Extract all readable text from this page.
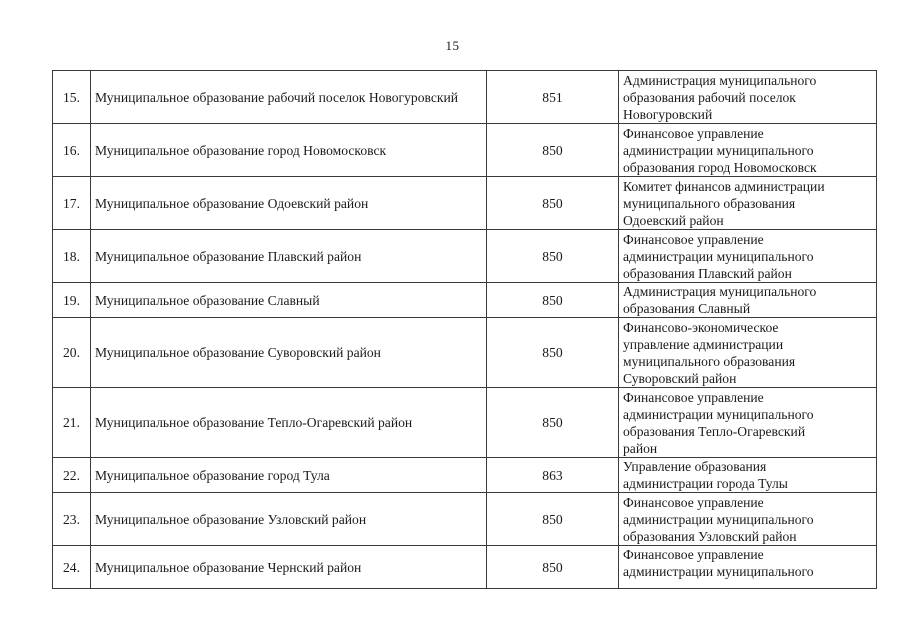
15
15.	Муниципальное образование рабочий поселок Новогуровский	851	Администрация муниципального
образования рабочий поселок
Новогуровский

16.	Муниципальное образование город Новомосковск	850	Финансовое управление
администрации муниципального
образования город Новомосковск

17.	Муниципальное образование Одоевский район	850	Комитет финансов администрации
муниципального образования
Одоевский район

18.	Муниципальное образование Плавский район	850	Финансовое управление
администрации муниципального
образования Плавский район

19.	Муниципальное образование Славный	850	Администрация муниципального
образования Славный

20.	Муниципальное образование Суворовский район	850	Финансово-экономическое
управление администрации
муниципального образования
Суворовский район

21.	Муниципальное образование Тепло-Огаревский район	850	Финансовое управление
администрации муниципального
образования Тепло-Огаревский
район

22.	Муниципальное образование город Тула	863	Управление образования
администрации города Тулы

23.	Муниципальное образование Узловский район	850	Финансовое управление
администрации муниципального
образования Узловский район

24.	Муниципальное образование Чернский район	850	Финансовое управление
администрации муниципального
